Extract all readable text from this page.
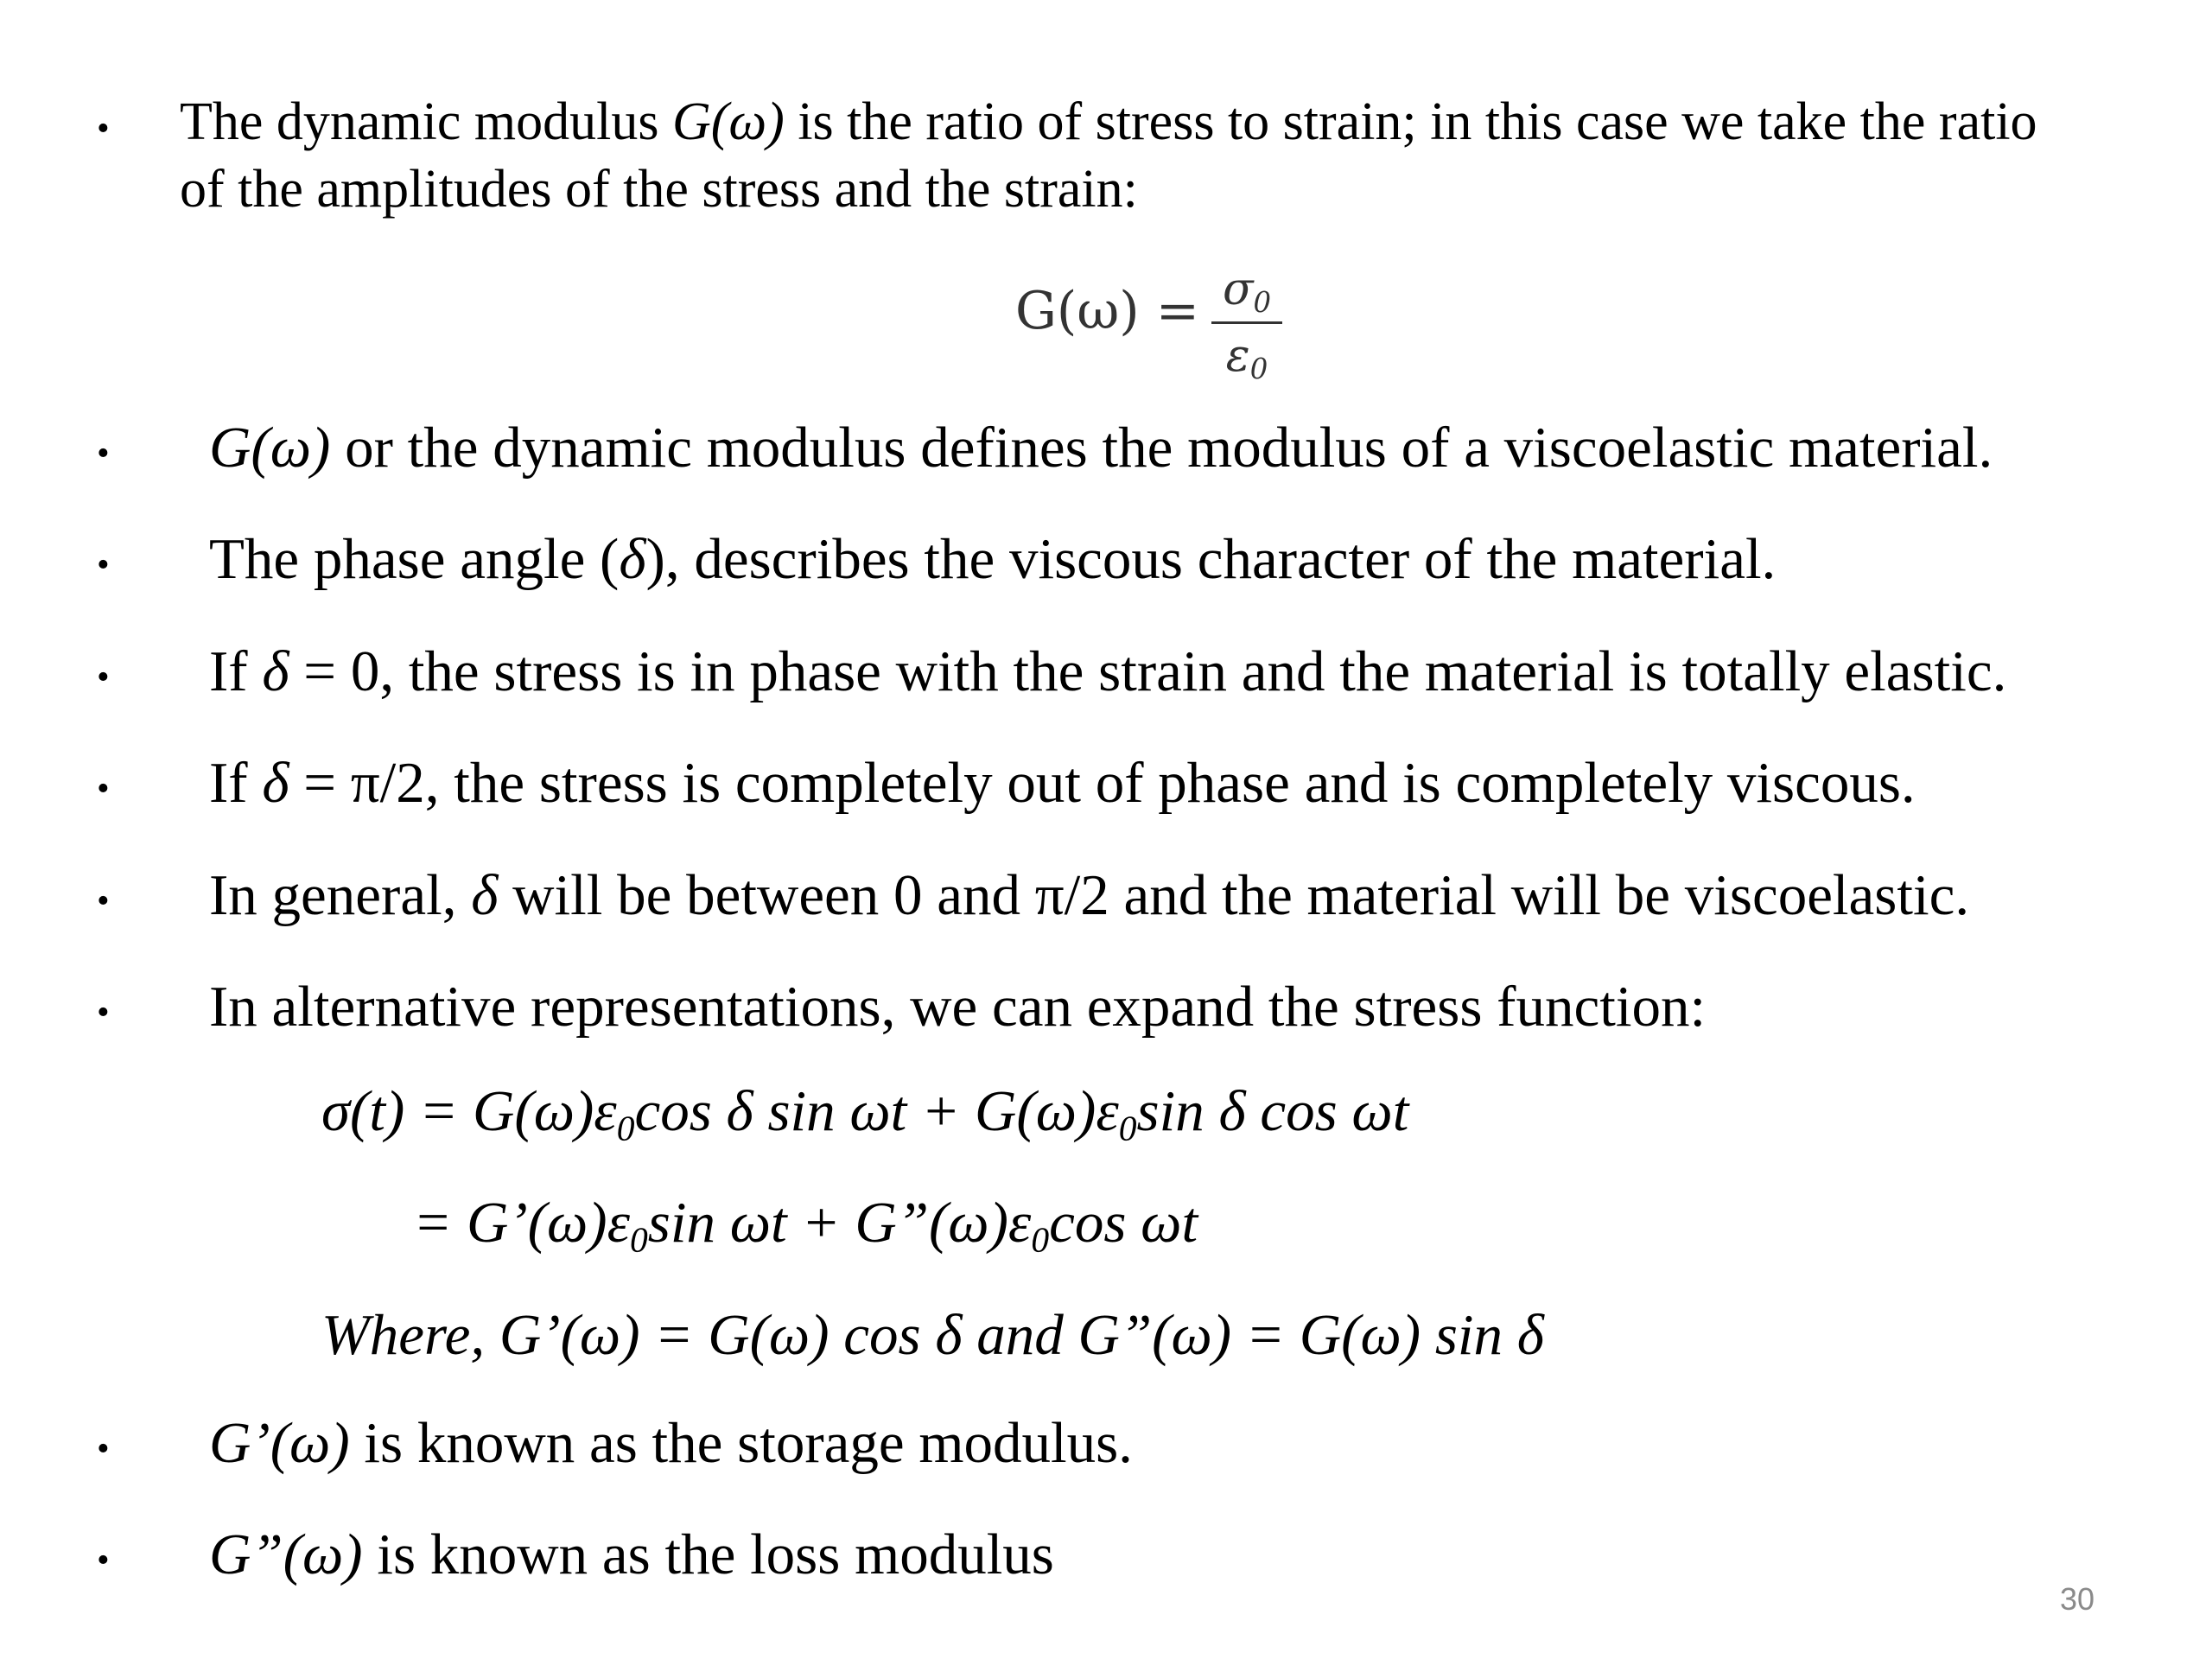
• The dynamic modulus G(ω) is the ratio of stress to strain; in this case we take the ratio
of the amplitudes of the stress and the strain:
$G(\omega) = \sigma_0$
$\varepsilon_0$
• G(ω) or the dynamic modulus defines the modulus of a viscoelastic material.
• The phase angle (δ), describes the viscous character of the material.
• If δ = 0, the stress is in phase with the strain and the material is totally elastic.
• If δ = π/2, the stress is completely out of phase and is completely viscous.
• In general, δ will be between 0 and π/2 and the material will be viscoelastic.
• In alternative representations, we can expand the stress function:
$\sigma(t) = G(\omega)\varepsilon_0\cos$ δ $\sin \omega t + G(\omega)\varepsilon_0\sin$ δ cos ωt
= $G’(\omega)\varepsilon_0\sin$ $\omega t + G”(\omega)\varepsilon_0\cos$ ωt
Where, G’(ω) = G(ω) cos δ and G”(ω) = G(ω) sin δ
• G’(ω) is known as the storage modulus.
• G”(ω) is known as the loss modulus
30
